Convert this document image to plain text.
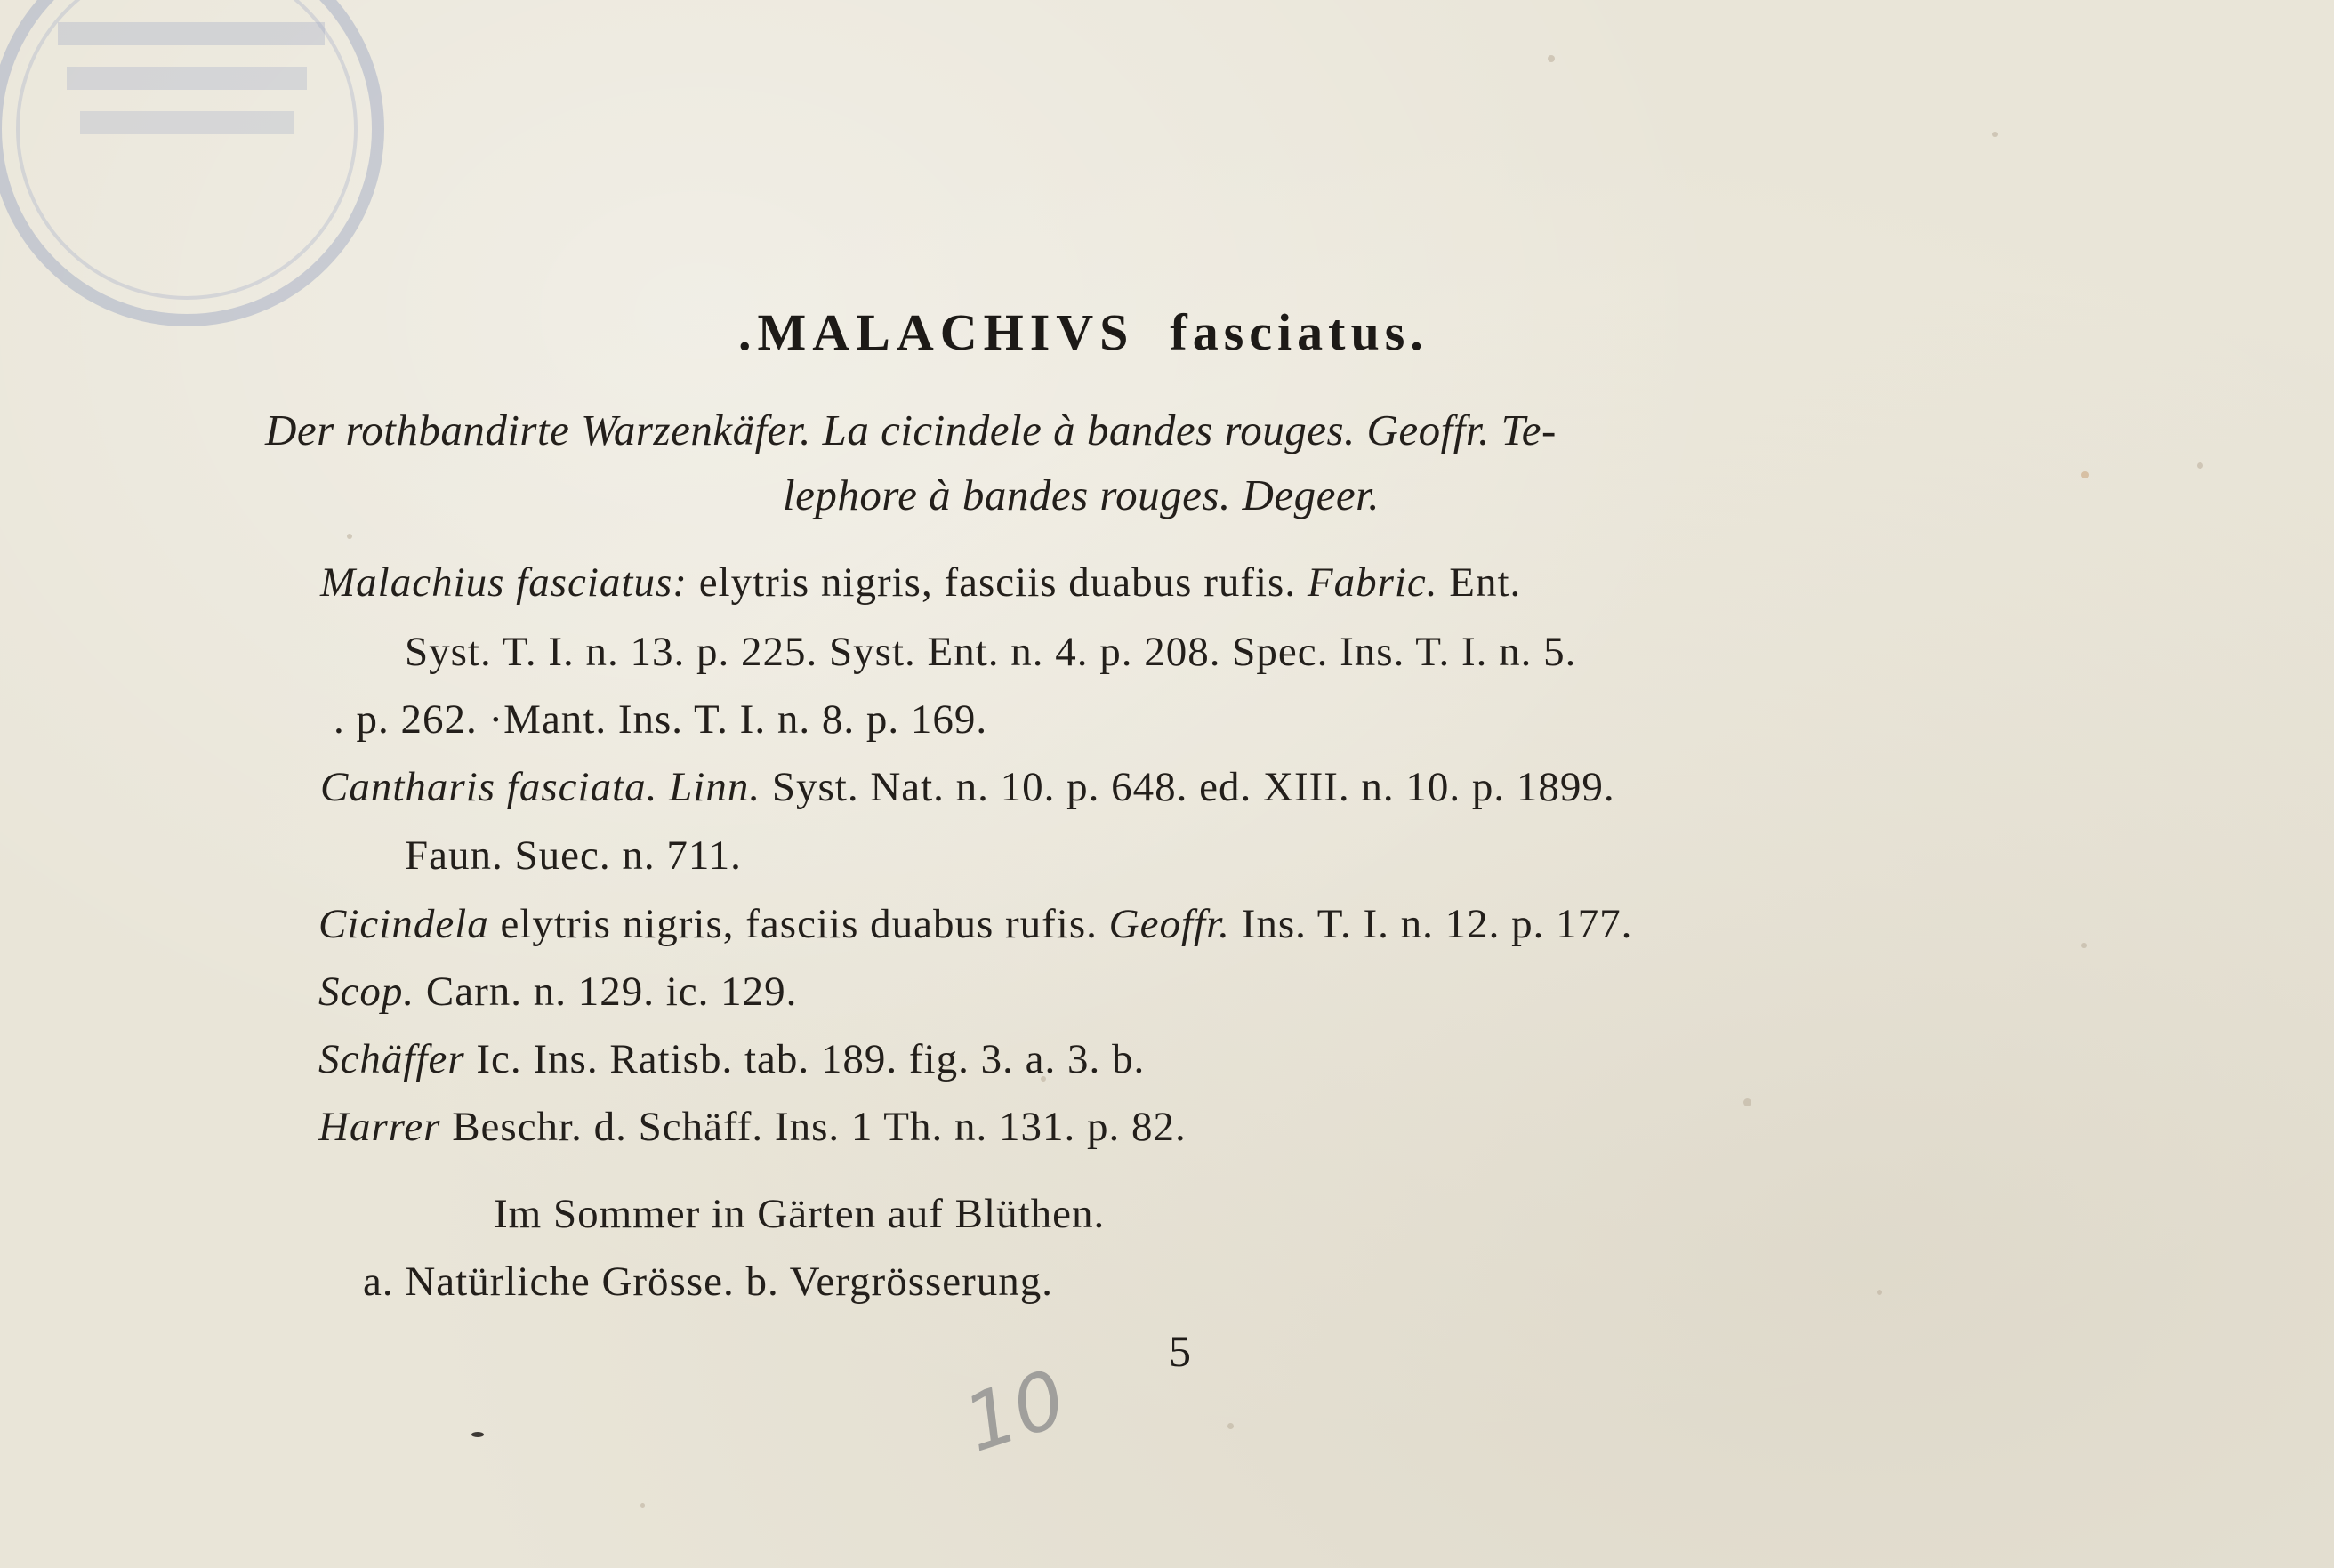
.MALACHIVS fasciatus.
Der rothbandirte Warzenkäfer. La cicindele à bandes rouges. Geoffr. Te-
lephore à bandes rouges. Degeer.
Malachius fasciatus: elytris nigris, fasciis duabus rufis. Fabric. Ent.
Syst. T. I. n. 13. p. 225. Syst. Ent. n. 4. p. 208. Spec. Ins. T. I. n. 5.
. p. 262. ·Mant. Ins. T. I. n. 8. p. 169.
Cantharis fasciata. Linn. Syst. Nat. n. 10. p. 648. ed. XIII. n. 10. p. 1899.
Faun. Suec. n. 711.
Cicindela elytris nigris, fasciis duabus rufis. Geoffr. Ins. T. I. n. 12. p. 177.
Scop. Carn. n. 129. ic. 129.
Schäffer Ic. Ins. Ratisb. tab. 189. fig. 3. a. 3. b.
Harrer Beschr. d. Schäff. Ins. 1 Th. n. 131. p. 82.
Im Sommer in Gärten auf Blüthen.
a. Natürliche Grösse. b. Vergrösserung.
5
10
